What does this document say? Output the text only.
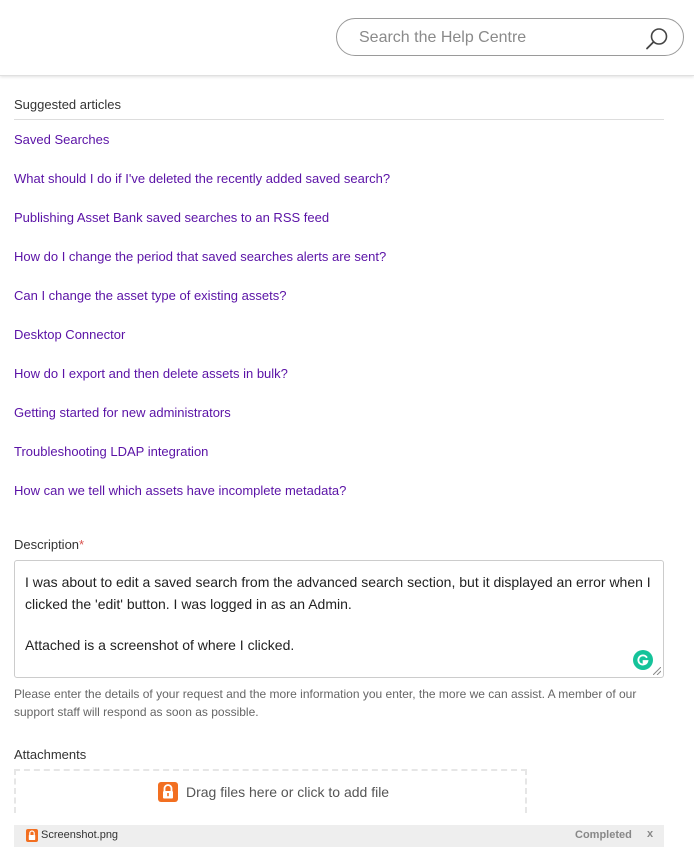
Search the Help Centre
Suggested articles
Saved Searches
What should I do if I've deleted the recently added saved search?
Publishing Asset Bank saved searches to an RSS feed
How do I change the period that saved searches alerts are sent?
Can I change the asset type of existing assets?
Desktop Connector
How do I export and then delete assets in bulk?
Getting started for new administrators
Troubleshooting LDAP integration
How can we tell which assets have incomplete metadata?
Description*

I was about to edit a saved search from the advanced search section, but it displayed an error when I clicked the 'edit' button. I was logged in as an Admin.

Attached is a screenshot of where I clicked.

Please enter the details of your request and the more information you enter, the more we can assist. A member of our support staff will respond as soon as possible.
Attachments
Drag files here or click to add file
Screenshot.png	Completed x
